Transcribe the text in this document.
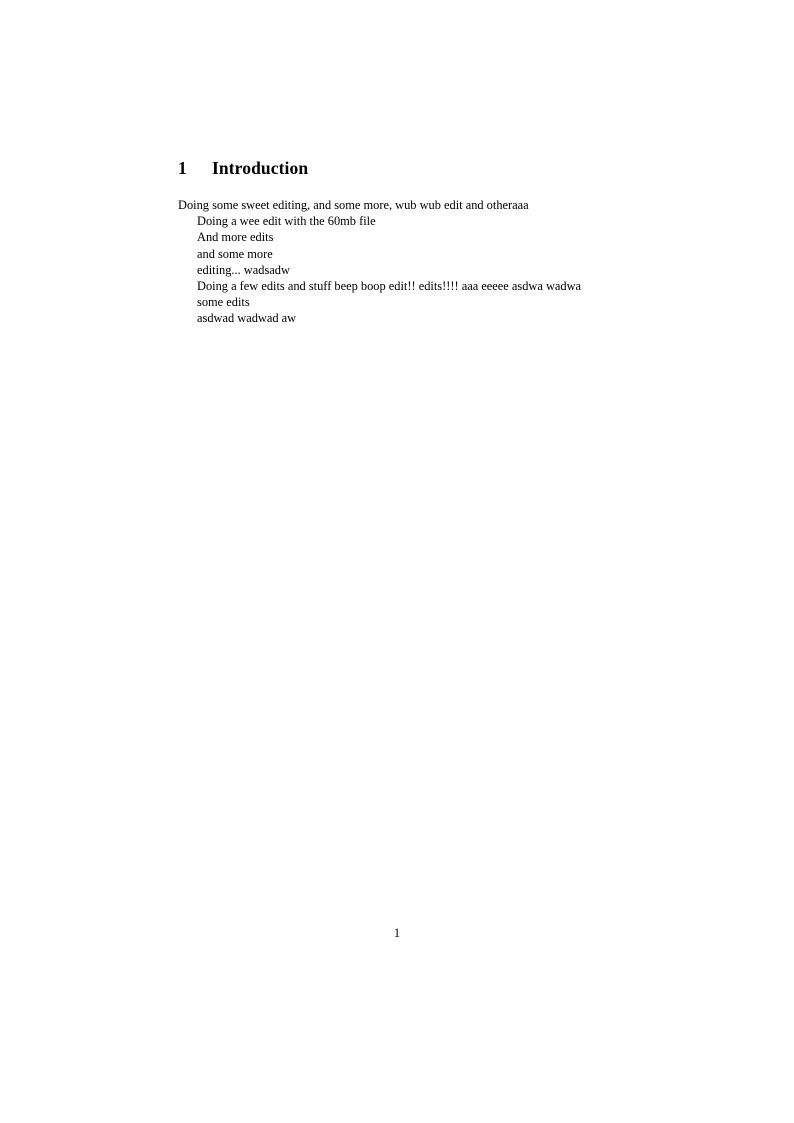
1 Introduction

Doing some sweet editing, and some more, wub wub edit and otheraaa

Doing a wee edit with the 60mb file

And more edits

and some more

editing... wadsadw

Doing a few edits and stuff beep boop edit!! edits!!!! aaa eeeee asdwa wadwa

some edits

asdwad wadwad aw

1
